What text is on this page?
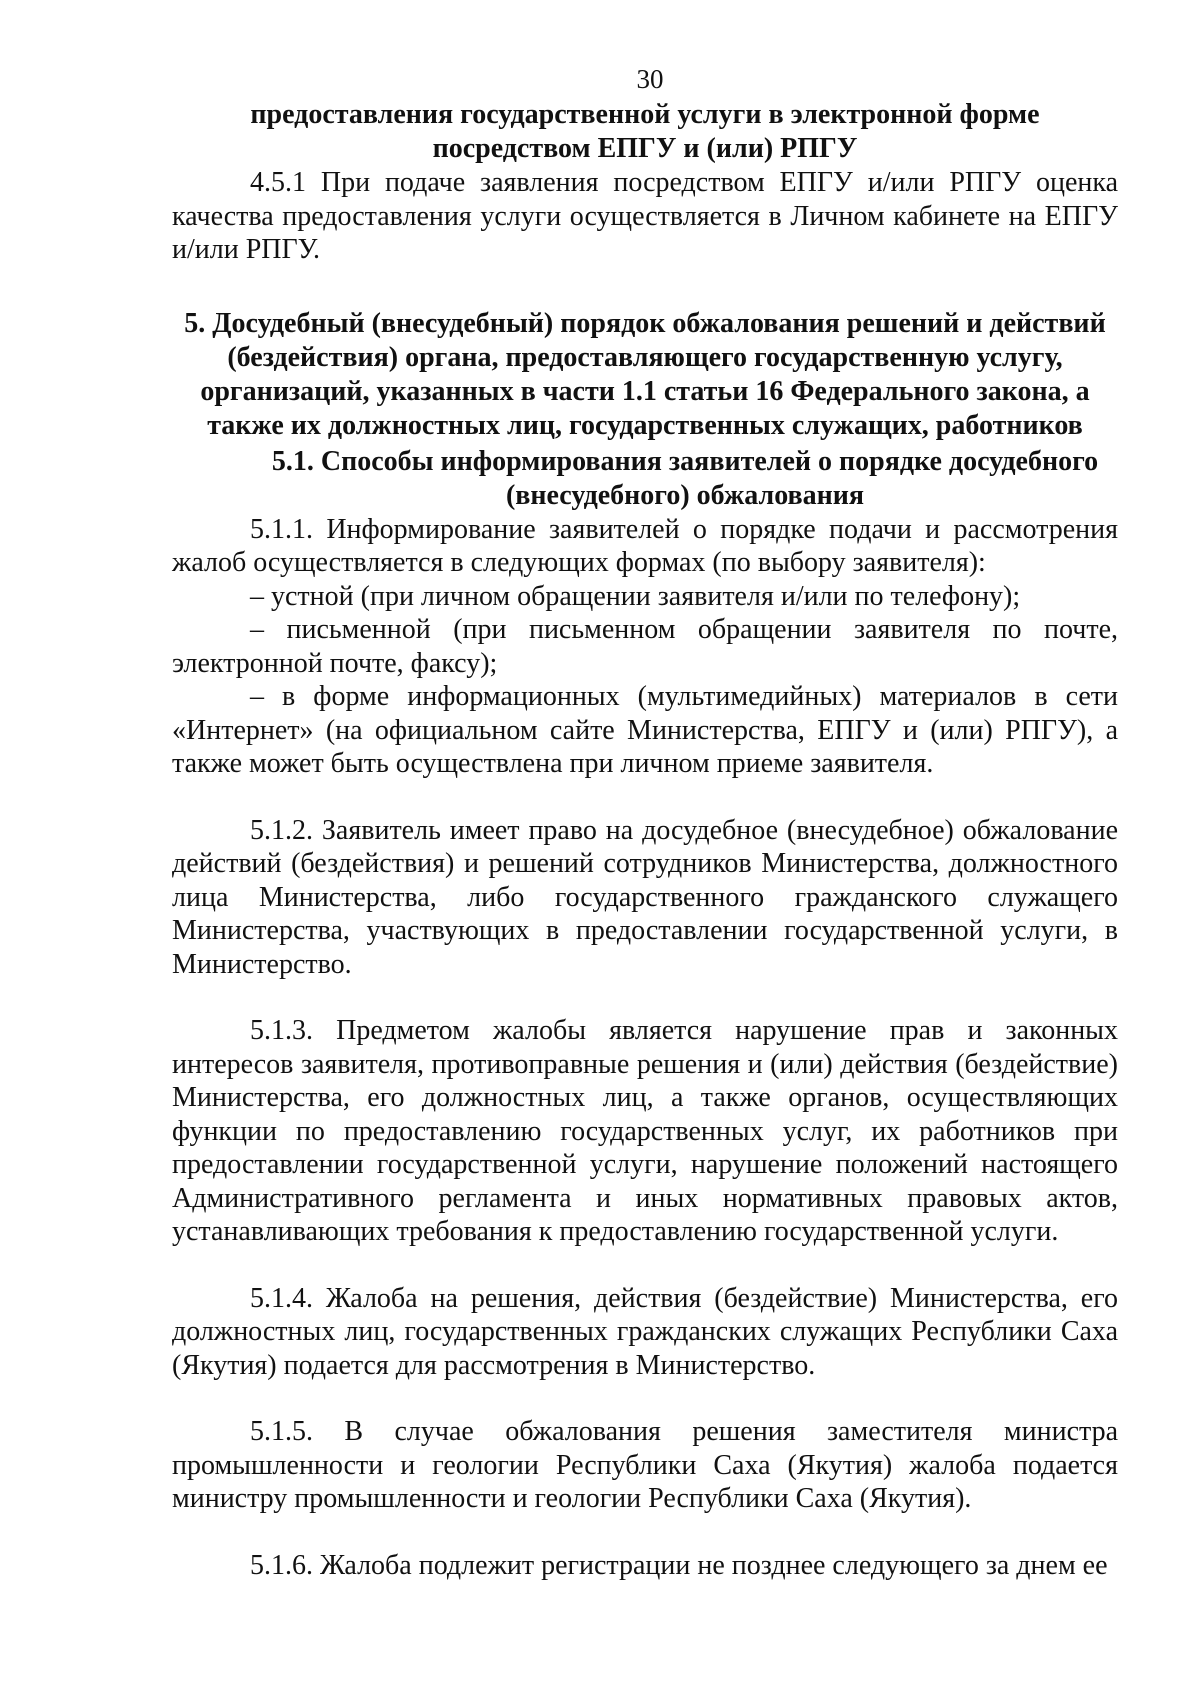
30
предоставления государственной услуги в электронной форме
посредством ЕПГУ и (или) РПГУ

4.5.1 При подаче заявления посредством ЕПГУ и/или РПГУ оценка качества предоставления услуги осуществляется в Личном кабинете на ЕПГУ и/или РПГУ.

5. Досудебный (внесудебный) порядок обжалования решений и действий
(бездействия) органа, предоставляющего государственную услугу,
организаций, указанных в части 1.1 статьи 16 Федерального закона, а
также их должностных лиц, государственных служащих, работников
5.1. Способы информирования заявителей о порядке досудебного
(внесудебного) обжалования

5.1.1. Информирование заявителей о порядке подачи и рассмотрения жалоб осуществляется в следующих формах (по выбору заявителя):

– устной (при личном обращении заявителя и/или по телефону);

– письменной (при письменном обращении заявителя по почте, электронной почте, факсу);

– в форме информационных (мультимедийных) материалов в сети «Интернет» (на официальном сайте Министерства, ЕПГУ и (или) РПГУ), а также может быть осуществлена при личном приеме заявителя.

5.1.2. Заявитель имеет право на досудебное (внесудебное) обжалование действий (бездействия) и решений сотрудников Министерства, должностного лица Министерства, либо государственного гражданского служащего Министерства, участвующих в предоставлении государственной услуги, в Министерство.

5.1.3. Предметом жалобы является нарушение прав и законных интересов заявителя, противоправные решения и (или) действия (бездействие) Министерства, его должностных лиц, а также органов, осуществляющих функции по предоставлению государственных услуг, их работников при предоставлении государственной услуги, нарушение положений настоящего Административного регламента и иных нормативных правовых актов, устанавливающих требования к предоставлению государственной услуги.

5.1.4. Жалоба на решения, действия (бездействие) Министерства, его должностных лиц, государственных гражданских служащих Республики Саха (Якутия) подается для рассмотрения в Министерство.

5.1.5. В случае обжалования решения заместителя министра промышленности и геологии Республики Саха (Якутия) жалоба подается министру промышленности и геологии Республики Саха (Якутия).

5.1.6. Жалоба подлежит регистрации не позднее следующего за днем ее
